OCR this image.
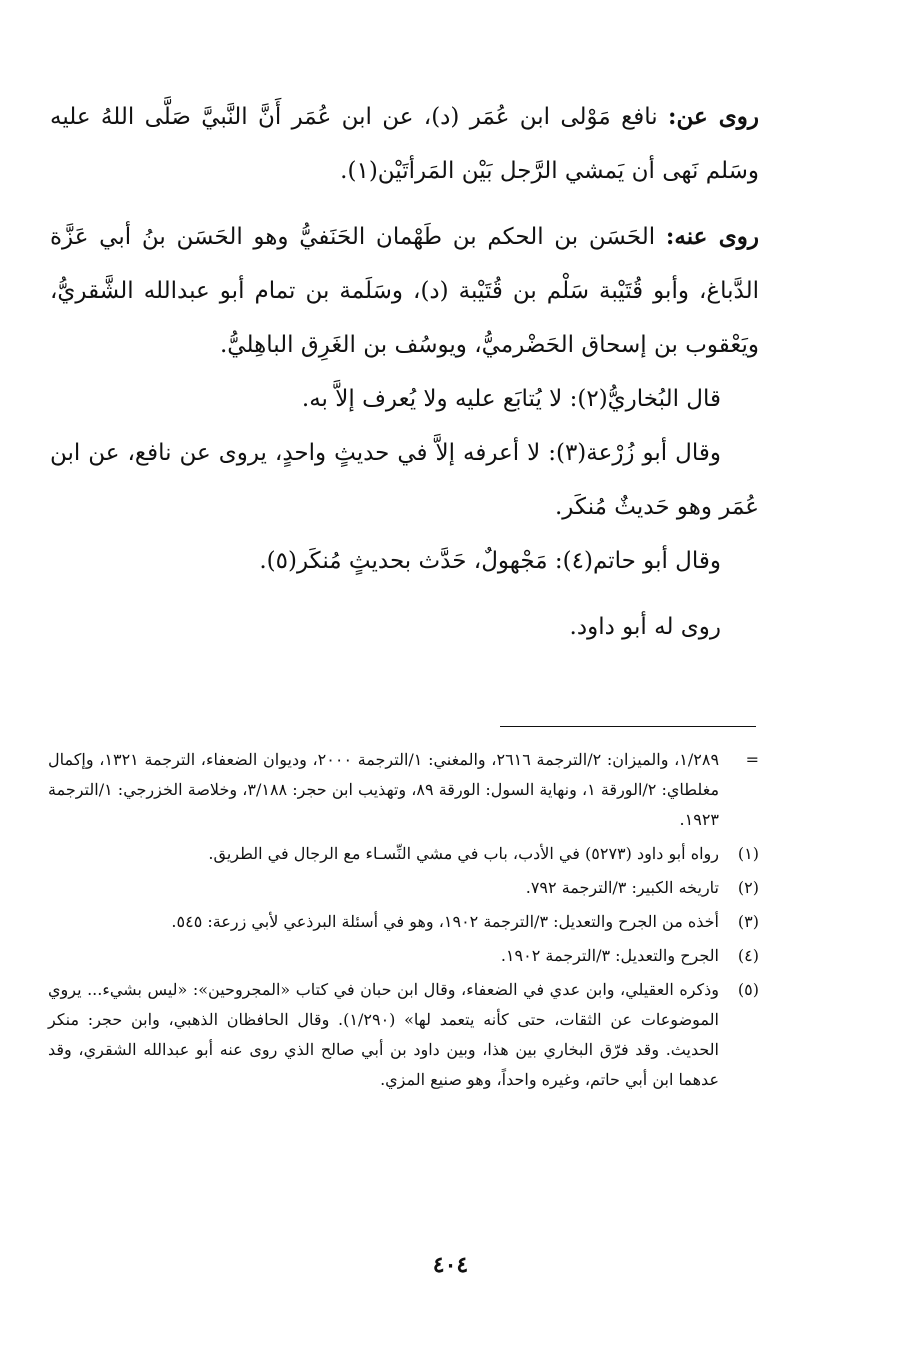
روى عن: نافع مَوْلى ابن عُمَر (د)، عن ابن عُمَر أَنَّ النَّبيَّ صَلَّى اللهُ عليه وسَلم نَهى أن يَمشي الرَّجل بَيْن المَرأتَيْن(١).

روى عنه: الحَسَن بن الحكم بن طَهْمان الحَنَفيُّ وهو الحَسَن بنُ أبي عَزَّة الدَّباغ، وأبو قُتَيْبة سَلْم بن قُتَيْبة (د)، وسَلَمة بن تمام أبو عبدالله الشَّقريُّ، ويَعْقوب بن إسحاق الحَضْرميُّ، ويوسُف بن الغَرِق الباهِليُّ.

قال البُخاريُّ(٢): لا يُتابَع عليه ولا يُعرف إلاَّ به.

وقال أبو زُرْعة(٣): لا أعرفه إلاَّ في حديثٍ واحدٍ، يروى عن نافع، عن ابن عُمَر وهو حَديثٌ مُنكَر.

وقال أبو حاتم(٤): مَجْهولٌ، حَدَّث بحديثٍ مُنكَر(٥).

روى له أبو داود.

=
١/٢٨٩، والميزان: ٢/الترجمة ٢٦١٦، والمغني: ١/الترجمة ٢٠٠٠، وديوان الضعفاء، الترجمة ١٣٢١، وإكمال مغلطاي: ٢/الورقة ١، ونهاية السول: الورقة ٨٩، وتهذيب ابن حجر: ٣/١٨٨، وخلاصة الخزرجي: ١/الترجمة ١٩٢٣.
(١)
رواه أبو داود (٥٢٧٣) في الأدب، باب في مشي النِّسـاء مع الرجال في الطريق.
(٢)
تاريخه الكبير: ٣/الترجمة ٧٩٢.
(٣)
أخذه من الجرح والتعديل: ٣/الترجمة ١٩٠٢، وهو في أسئلة البرذعي لأبي زرعة: ٥٤٥.
(٤)
الجرح والتعديل: ٣/الترجمة ١٩٠٢.
(٥)
وذكره العقيلي، وابن عدي في الضعفاء، وقال ابن حبان في كتاب «المجروحين»: «ليس بشيء... يروي الموضوعات عن الثقات، حتى كأنه يتعمد لها» (١/٢٩٠). وقال الحافظان الذهبي، وابن حجر: منكر الحديث. وقد فرّق البخاري بين هذا، وبين داود بن أبي صالح الذي روى عنه أبو عبدالله الشقري، وقد عدهما ابن أبي حاتم، وغيره واحداً، وهو صنيع المزي.
٤٠٤
